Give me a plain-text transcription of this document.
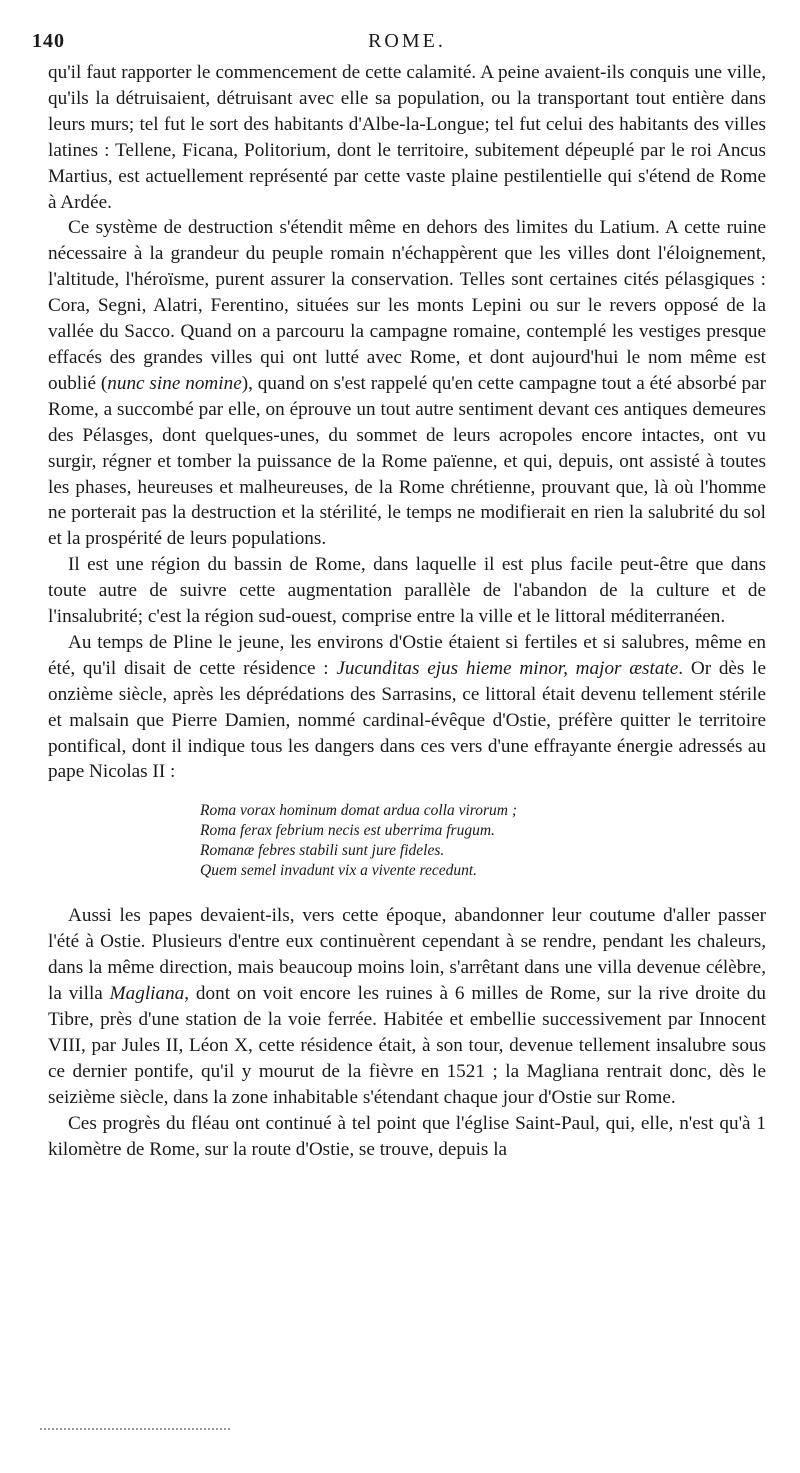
140	ROME.

qu'il faut rapporter le commencement de cette calamité. A peine avaient-ils conquis une ville, qu'ils la détruisaient, détruisant avec elle sa population, ou la transportant tout entière dans leurs murs; tel fut le sort des habitants d'Albe-la-Longue; tel fut celui des habitants des villes latines : Tellene, Ficana, Politorium, dont le territoire, subitement dépeuplé par le roi Ancus Martius, est actuellement représenté par cette vaste plaine pestilentielle qui s'étend de Rome à Ardée.

Ce système de destruction s'étendit même en dehors des limites du Latium. A cette ruine nécessaire à la grandeur du peuple romain n'échappèrent que les villes dont l'éloignement, l'altitude, l'héroïsme, purent assurer la conservation. Telles sont certaines cités pélasgiques : Cora, Segni, Alatri, Ferentino, situées sur les monts Lepini ou sur le revers opposé de la vallée du Sacco. Quand on a parcouru la campagne romaine, contemplé les vestiges presque effacés des grandes villes qui ont lutté avec Rome, et dont aujourd'hui le nom même est oublié (nunc sine nomine), quand on s'est rappelé qu'en cette campagne tout a été absorbé par Rome, a succombé par elle, on éprouve un tout autre sentiment devant ces antiques demeures des Pélasges, dont quelques-unes, du sommet de leurs acropoles encore intactes, ont vu surgir, régner et tomber la puissance de la Rome païenne, et qui, depuis, ont assisté à toutes les phases, heureuses et malheureuses, de la Rome chrétienne, prouvant que, là où l'homme ne porterait pas la destruction et la stérilité, le temps ne modifierait en rien la salubrité du sol et la prospérité de leurs populations.

Il est une région du bassin de Rome, dans laquelle il est plus facile peut-être que dans toute autre de suivre cette augmentation parallèle de l'abandon de la culture et de l'insalubrité; c'est la région sud-ouest, comprise entre la ville et le littoral méditerranéen.

Au temps de Pline le jeune, les environs d'Ostie étaient si fertiles et si salubres, même en été, qu'il disait de cette résidence : Jucunditas ejus hieme minor, major æstate. Or dès le onzième siècle, après les déprédations des Sarrasins, ce littoral était devenu tellement stérile et malsain que Pierre Damien, nommé cardinal-évêque d'Ostie, préfère quitter le territoire pontifical, dont il indique tous les dangers dans ces vers d'une effrayante énergie adressés au pape Nicolas II :

Roma vorax hominum domat ardua colla virorum ;
Roma ferax febrium necis est uberrima frugum.
Romanæ febres stabili sunt jure fideles.
Quem semel invadunt vix a vivente recedunt.

Aussi les papes devaient-ils, vers cette époque, abandonner leur coutume d'aller passer l'été à Ostie. Plusieurs d'entre eux continuèrent cependant à se rendre, pendant les chaleurs, dans la même direction, mais beaucoup moins loin, s'arrêtant dans une villa devenue célèbre, la villa Magliana, dont on voit encore les ruines à 6 milles de Rome, sur la rive droite du Tibre, près d'une station de la voie ferrée. Habitée et embellie successivement par Innocent VIII, par Jules II, Léon X, cette résidence était, à son tour, devenue tellement insalubre sous ce dernier pontife, qu'il y mourut de la fièvre en 1521 ; la Magliana rentrait donc, dès le seizième siècle, dans la zone inhabitable s'étendant chaque jour d'Ostie sur Rome.

Ces progrès du fléau ont continué à tel point que l'église Saint-Paul, qui, elle, n'est qu'à 1 kilomètre de Rome, sur la route d'Ostie, se trouve, depuis la
